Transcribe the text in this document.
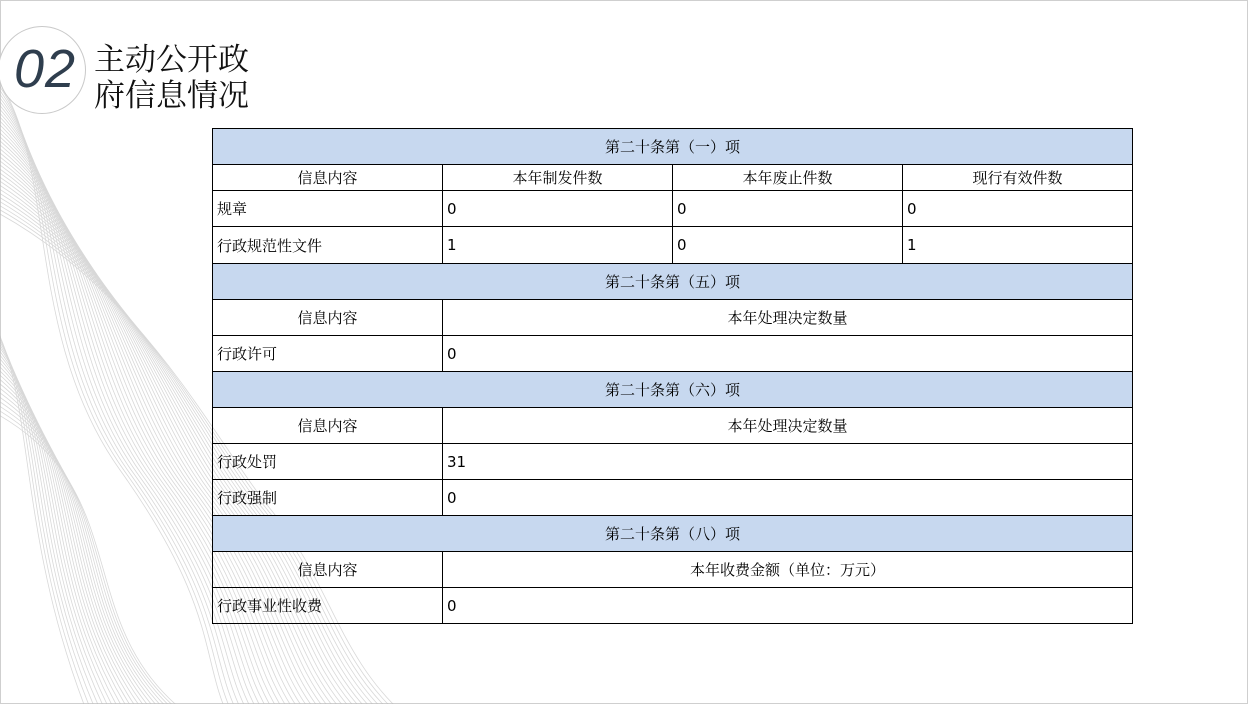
02 主动公开政
府信息情况
第二十条第（一）项			
信息内容	本年制发件数	本年废止件数	现行有效件数
规章	0	0	0
行政规范性文件	1	0	1
第二十条第（五）项			
信息内容	本年处理决定数量		
行政许可	0		
第二十条第（六）项			
信息内容	本年处理决定数量		
行政处罚	31		
行政强制	0		
第二十条第（八）项			
信息内容	本年收费金额（单位：万元）		
行政事业性收费	0		
